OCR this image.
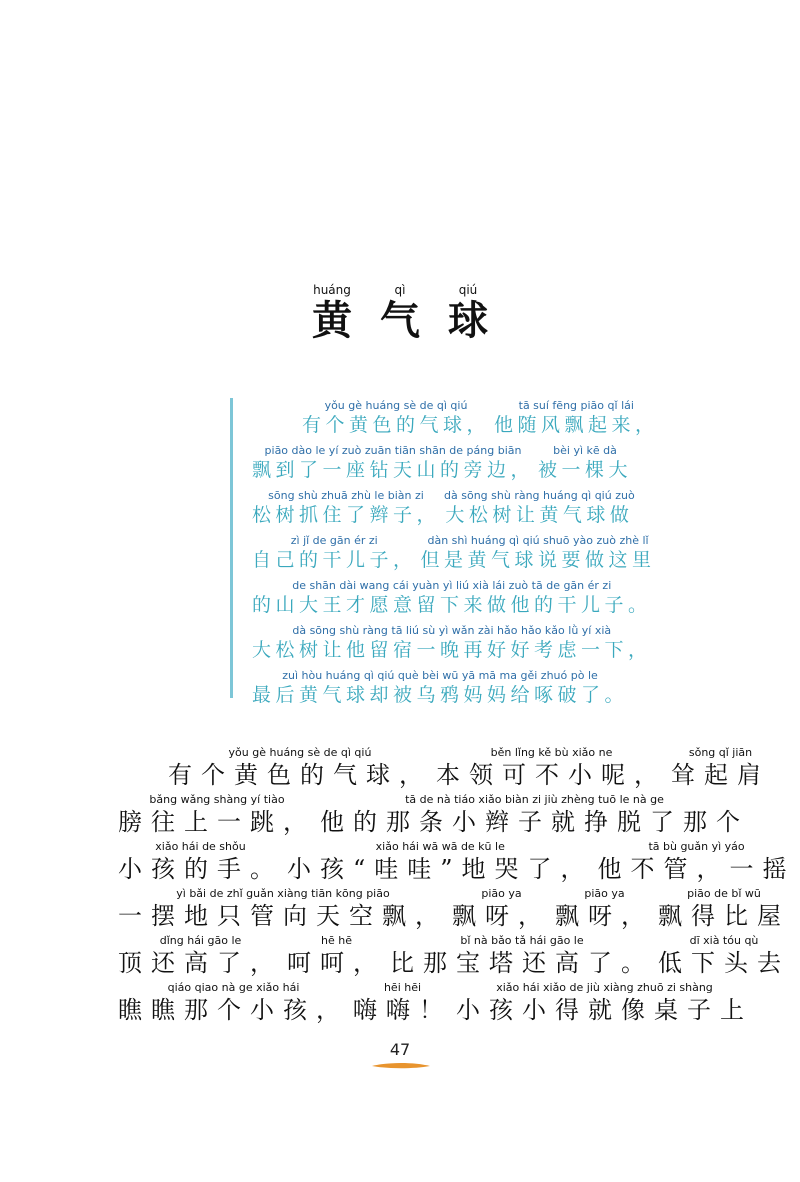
huáng
黄
qì
气
qiú
球
yǒu gè huáng sè de qì qiú
有个黄色的气球，
tā suí fēng piāo qǐ lái
他随风飘起来，
piāo dào le yí zuò zuān tiān shān de páng biān
飘到了一座钻天山的旁边，
bèi yì kē dà
被一棵大
sōng shù zhuā zhù le biàn zi
松树抓住了辫子，
dà sōng shù ràng huáng qì qiú zuò
大松树让黄气球做
zì jǐ de gān ér zi
自己的干儿子，
dàn shì huáng qì qiú shuō yào zuò zhè lǐ
但是黄气球说要做这里
de shān dài wang cái yuàn yì liú xià lái zuò tā de gān ér zi
的山大王才愿意留下来做他的干儿子。
dà sōng shù ràng tā liú sù yì wǎn zài hǎo hǎo kǎo lǜ yí xià
大松树让他留宿一晚再好好考虑一下，
zuì hòu huáng qì qiú què bèi wū yā mā ma gěi zhuó pò le
最后黄气球却被乌鸦妈妈给啄破了。
yǒu gè huáng sè de qì qiú
有个黄色的气球，
běn lǐng kě bù xiǎo ne
本领可不小呢，
sǒng qǐ jiān
耸起肩
bǎng wǎng shàng yí tiào
膀往上一跳，
tā de nà tiáo xiǎo biàn zi jiù zhèng tuō le nà ge
他的那条小辫子就挣脱了那个
xiǎo hái de shǒu
小孩的手。
xiǎo hái wā wā de kū le
小孩“哇哇”地哭了，
tā bù guǎn yì yáo
他不管，一摇
yì bǎi de zhǐ guǎn xiàng tiān kōng piāo
一摆地只管向天空飘，
piāo ya
飘呀，
piāo ya
飘呀，
piāo de bǐ wū
飘得比屋
dǐng hái gāo le
顶还高了，
hē hē
呵呵，
bǐ nà bǎo tǎ hái gāo le
比那宝塔还高了。
dī xià tóu qù
低下头去
qiáo qiao nà ge xiǎo hái
瞧瞧那个小孩，
hēi hēi
嗨嗨！
xiǎo hái xiǎo de jiù xiàng zhuō zi shàng
小孩小得就像桌子上
47
